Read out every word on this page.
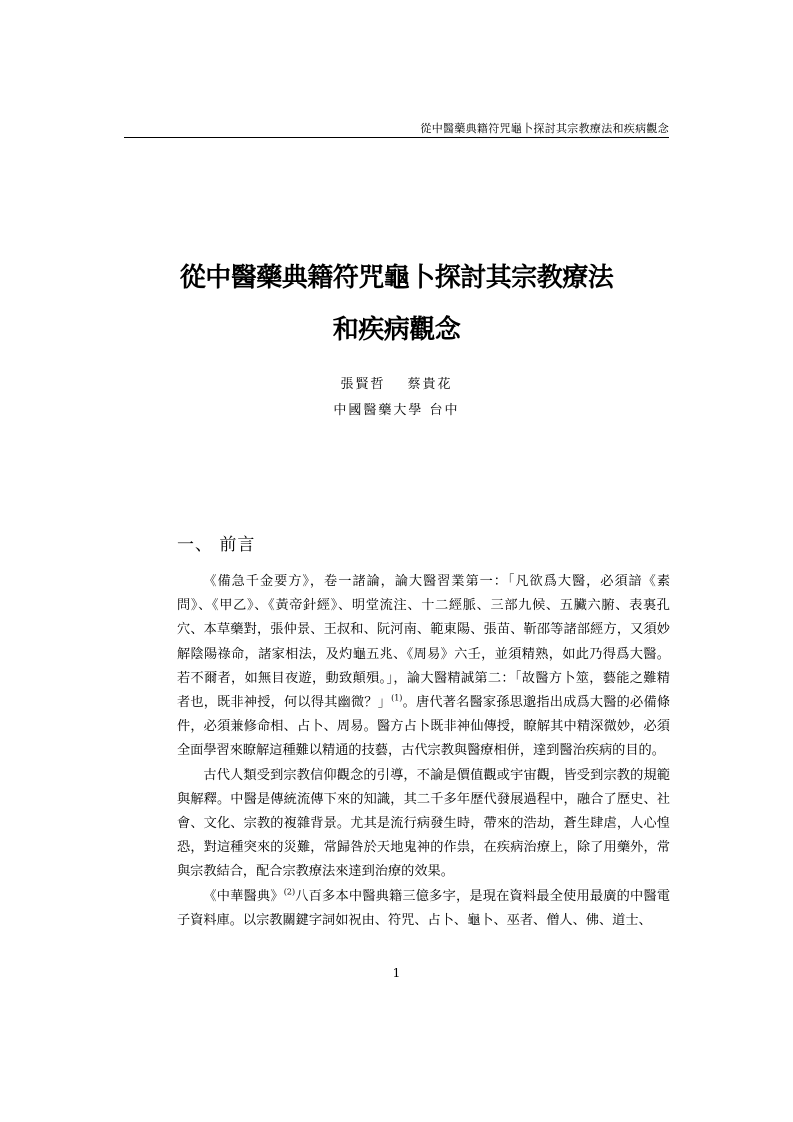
從中醫藥典籍符咒龜卜探討其宗教療法和疾病觀念
從中醫藥典籍符咒龜卜探討其宗教療法
和疾病觀念
張賢哲 蔡貴花
中國醫藥大學 台中
一、 前言

《備急千金要方》，卷一諸論，論大醫習業第一：「凡欲爲大醫，必須諳《素問》、《甲乙》、《黃帝針經》、明堂流注、十二經脈、三部九候、五臟六腑、表裏孔穴、本草藥對，張仲景、王叔和、阮河南、範東陽、張苗、靳邵等諸部經方，又須妙解陰陽祿命，諸家相法，及灼龜五兆、《周易》六壬，並須精熟，如此乃得爲大醫。若不爾者，如無目夜遊，動致顛殞。」，論大醫精誠第二：「故醫方卜筮，藝能之難精者也，既非神授，何以得其幽微？」$^{(1)}$。唐代著名醫家孫思邈指出成爲大醫的必備條件，必須兼修命相、占卜、周易。醫方占卜既非神仙傳授，瞭解其中精深微妙，必須全面學習來瞭解這種難以精通的技藝，古代宗教與醫療相併，達到醫治疾病的目的。

古代人類受到宗教信仰觀念的引導，不論是價值觀或宇宙觀，皆受到宗教的規範與解釋。中醫是傳統流傳下來的知識，其二千多年歷代發展過程中，融合了歷史、社會、文化、宗教的複雜背景。尤其是流行病發生時，帶來的浩劫，蒼生肆虐，人心惶恐，對這種突來的災難，常歸咎於天地鬼神的作祟，在疾病治療上，除了用藥外，常與宗教結合，配合宗教療法來達到治療的效果。

《中華醫典》$^{(2)}$八百多本中醫典籍三億多字，是現在資料最全使用最廣的中醫電子資料庫。以宗教關鍵字詞如祝由、符咒、占卜、龜卜、巫者、僧人、佛、道士、

1
